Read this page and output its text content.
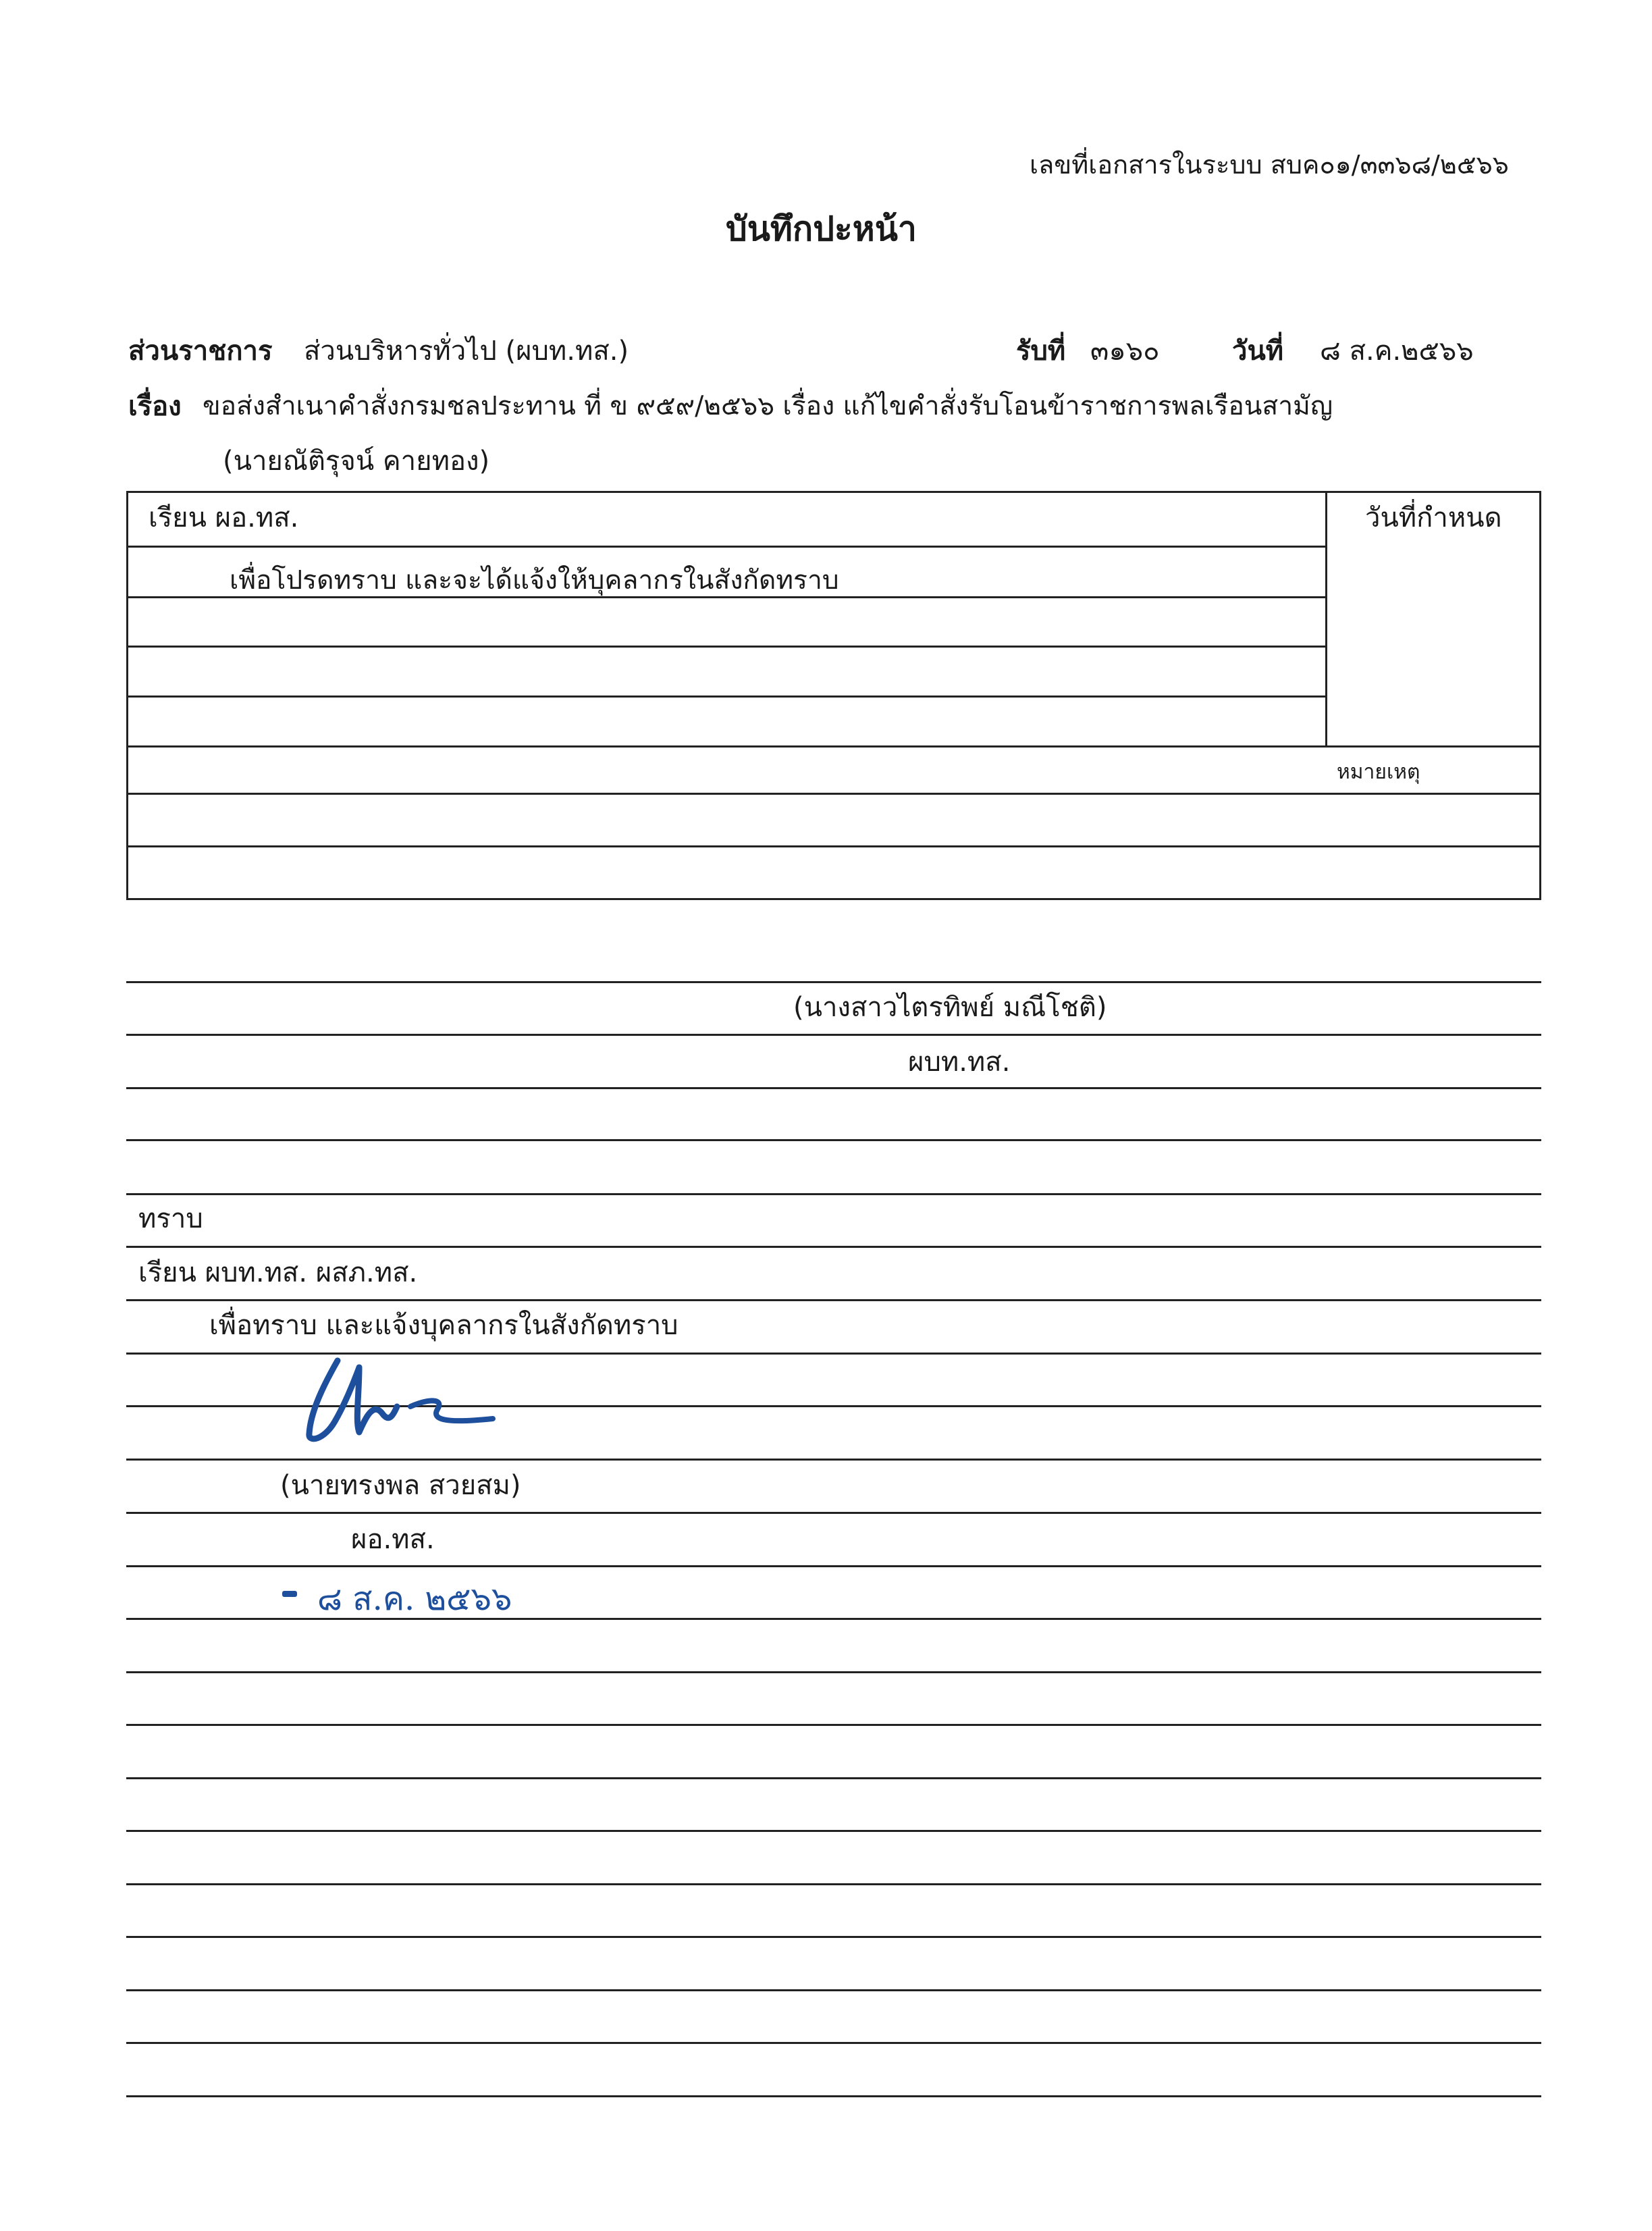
เลขที่เอกสารในระบบ สบค๐๑/๓๓๖๘/๒๕๖๖
บันทึกปะหน้า
ส่วนราชการ ส่วนบริหารทั่วไป (ผบท.ทส.)	รับที่ ๓๑๖๐	วันที่ ๘ ส.ค.๒๕๖๖
เรื่อง ขอส่งสำเนาคำสั่งกรมชลประทาน ที่ ข ๙๕๙/๒๕๖๖ เรื่อง แก้ไขคำสั่งรับโอนข้าราชการพลเรือนสามัญ
(นายณัติรุจน์ คายทอง)
เรียน ผอ.ทส.
เพื่อโปรดทราบ และจะได้แจ้งให้บุคลากรในสังกัดทราบ
วันที่กำหนด
หมายเหตุ
(นางสาวไตรทิพย์ มณีโชติ)
ผบท.ทส.
ทราบ
เรียน ผบท.ทส. ผสภ.ทส.
เพื่อทราบ และแจ้งบุคลากรในสังกัดทราบ
(นายทรงพล สวยสม)
ผอ.ทส.
๘ ส.ค. ๒๕๖๖
